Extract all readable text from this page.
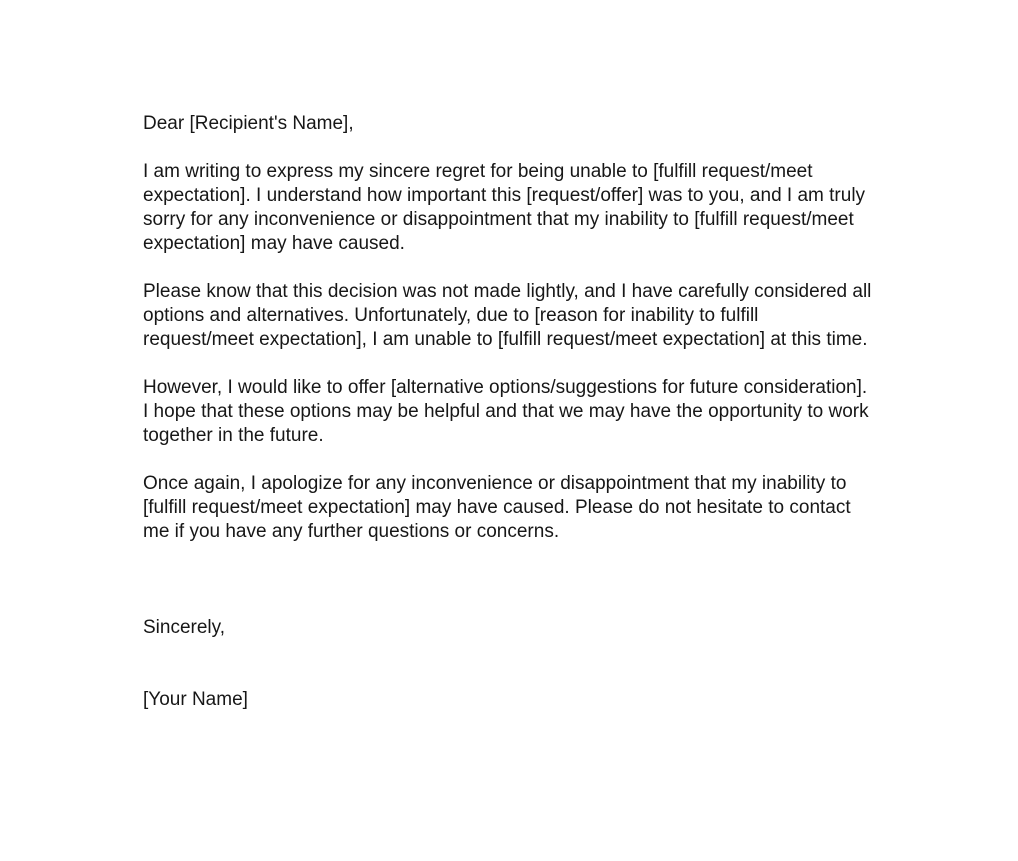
Dear [Recipient's Name],

I am writing to express my sincere regret for being unable to [fulfill request/meet expectation]. I understand how important this [request/offer] was to you, and I am truly sorry for any inconvenience or disappointment that my inability to [fulfill request/meet expectation] may have caused.

Please know that this decision was not made lightly, and I have carefully considered all options and alternatives. Unfortunately, due to [reason for inability to fulfill request/meet expectation], I am unable to [fulfill request/meet expectation] at this time.

However, I would like to offer [alternative options/suggestions for future consideration]. I hope that these options may be helpful and that we may have the opportunity to work together in the future.

Once again, I apologize for any inconvenience or disappointment that my inability to [fulfill request/meet expectation] may have caused. Please do not hesitate to contact me if you have any further questions or concerns.

Sincerely,

[Your Name]
